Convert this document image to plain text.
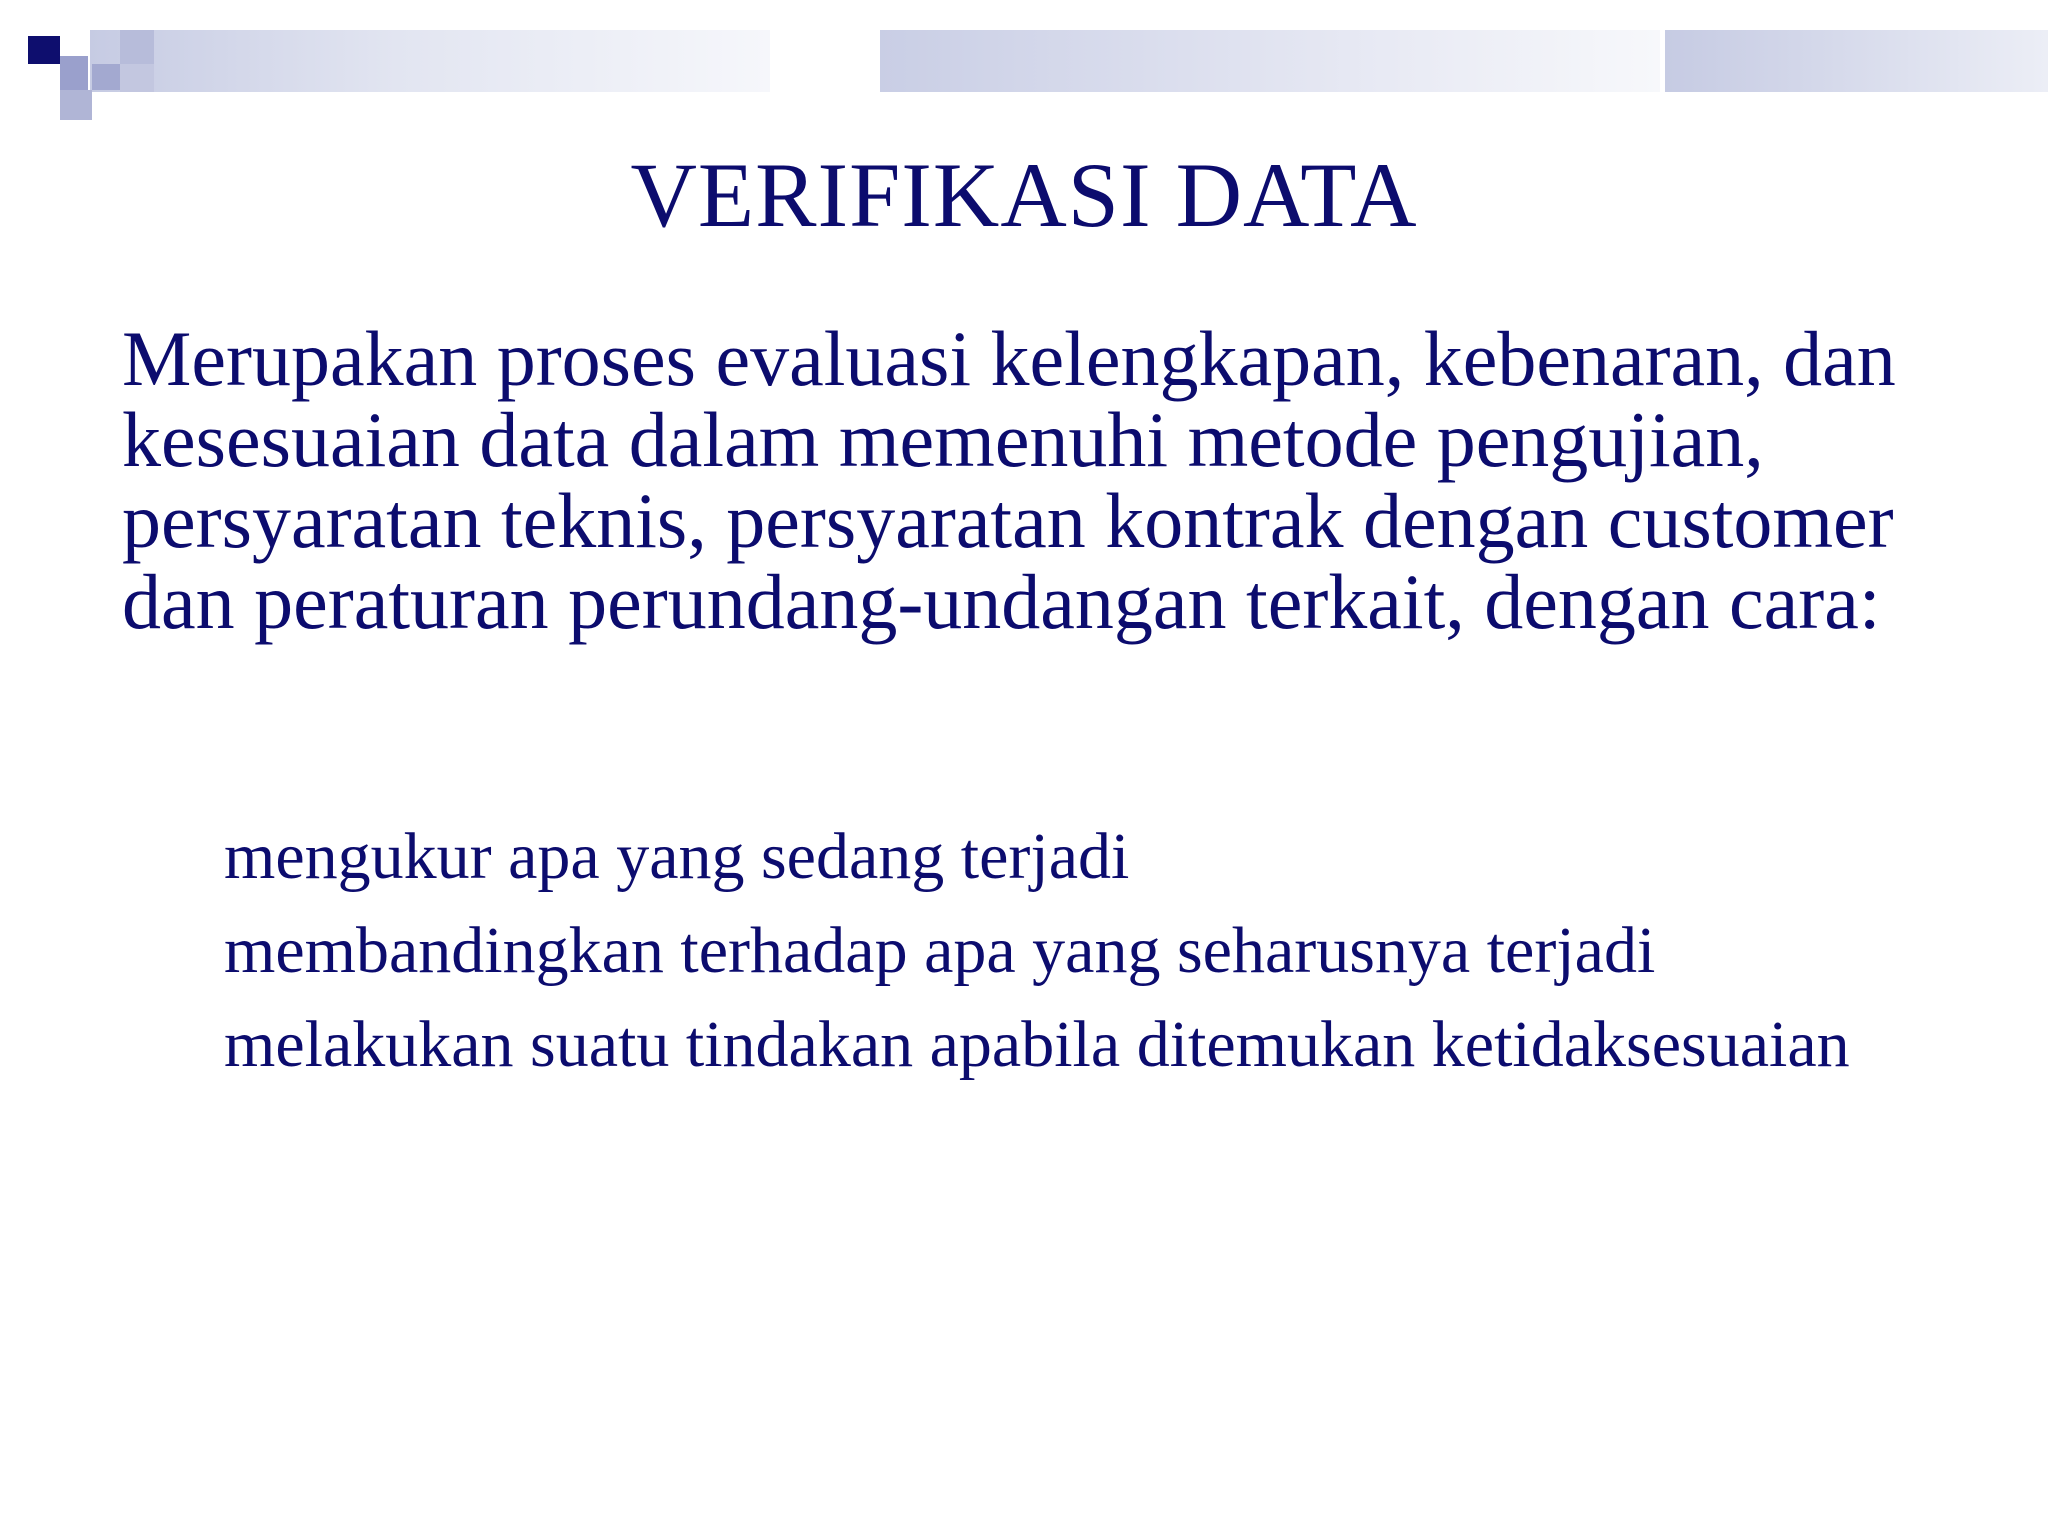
VERIFIKASI DATA

Merupakan proses evaluasi kelengkapan, kebenaran, dan kesesuaian data dalam memenuhi metode pengujian, persyaratan teknis, persyaratan kontrak dengan customer dan peraturan perundang-undangan terkait, dengan cara:

mengukur apa yang sedang terjadi
membandingkan terhadap apa yang seharusnya terjadi
melakukan suatu tindakan apabila ditemukan ketidaksesuaian
